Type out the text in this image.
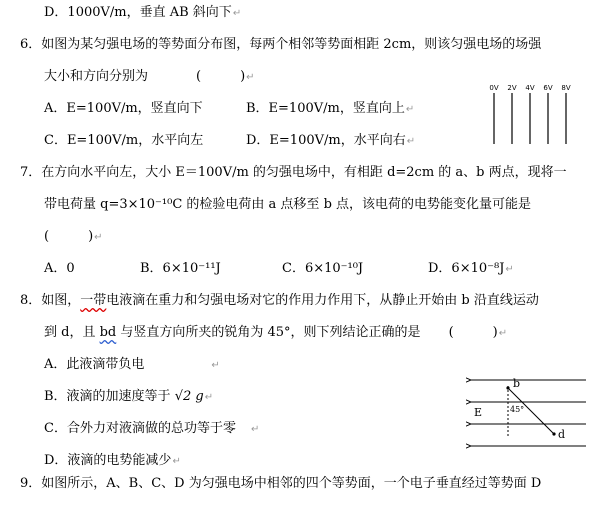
D．1000V/m，垂直 AB 斜向下↵
6．如图为某匀强电场的等势面分布图，每两个相邻等势面相距 2cm，则该匀强电场的场强
大小和方向分别为	(　　　)↵
A．E=100V/m，竖直向下	B．E=100V/m，竖直向上↵
C．E=100V/m，水平向左	D．E=100V/m，水平向右↵
0V 2V 4V 6V 8V
7．在方向水平向左，大小 E＝100V/m 的匀强电场中，有相距 d=2cm 的 a、b 两点，现将一
带电荷量 q=3×10⁻¹⁰C 的检验电荷由 a 点移至 b 点，该电荷的电势能变化量可能是
(　　　)↵
A．0	B．6×10⁻¹¹J	C．6×10⁻¹⁰J	D．6×10⁻⁸J↵
8．如图，一带电液滴在重力和匀强电场对它的作用力作用下，从静止开始由 b 沿直线运动
到 d，且 bd 与竖直方向所夹的锐角为 45°，则下列结论正确的是 (　　　)↵
A．此液滴带负电	↵
B．液滴的加速度等于 √2 g↵
C．合外力对液滴做的总功等于零 ↵
D．液滴的电势能减少↵
b
d
E	45°
9．如图所示，A、B、C、D 为匀强电场中相邻的四个等势面，一个电子垂直经过等势面 D
